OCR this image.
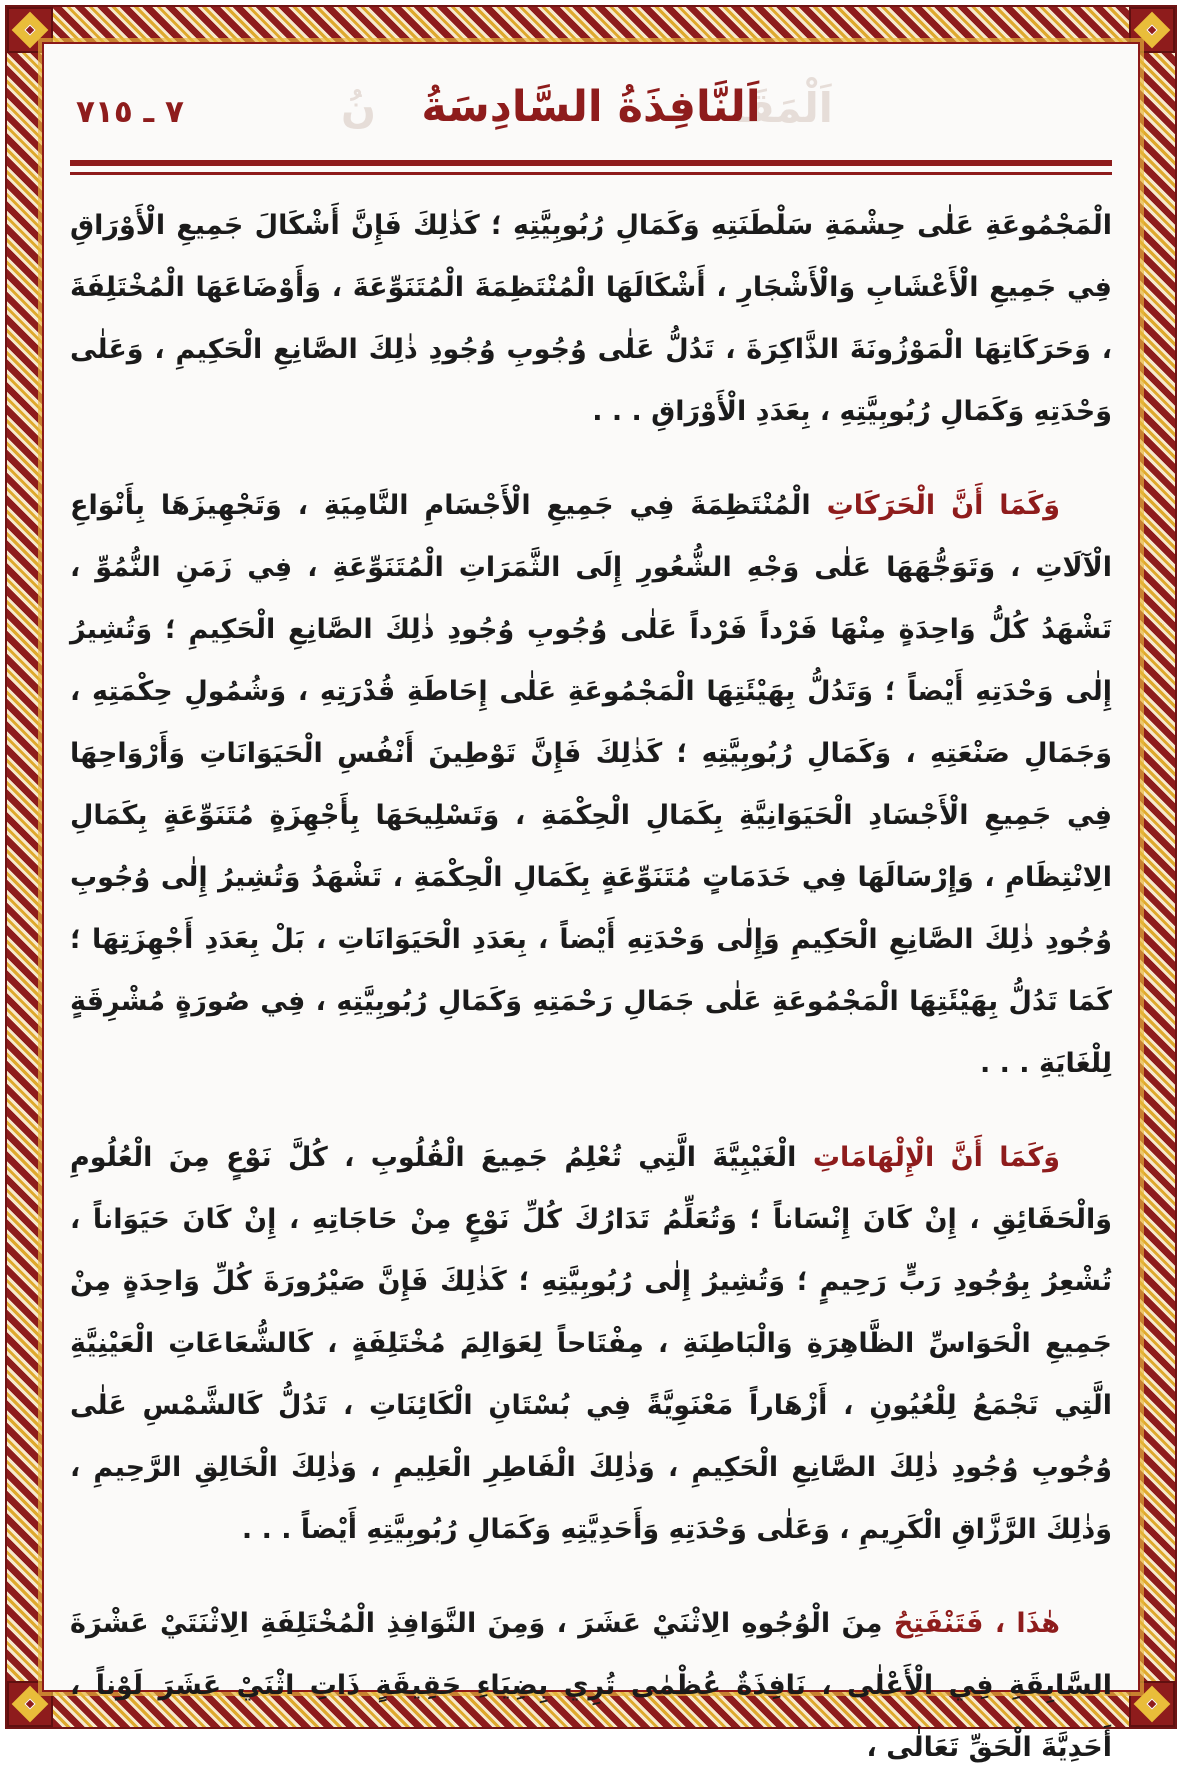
٧ ـ ٧١٥	اَلْمَقَا
نُ	اَلنَّافِذَةُ السَّادِسَةُ

الْمَجْمُوعَةِ عَلٰى حِشْمَةِ سَلْطَنَتِهِ وَكَمَالِ رُبُوبِيَّتِهِ ؛ كَذٰلِكَ فَإِنَّ أَشْكَالَ جَمِيعِ الْأَوْرَاقِ فِي جَمِيعِ الْأَعْشَابِ وَالْأَشْجَارِ ، أَشْكَالَهَا الْمُنْتَظِمَةَ الْمُتَنَوِّعَةَ ، وَأَوْضَاعَهَا الْمُخْتَلِفَةَ ، وَحَرَكَاتِهَا الْمَوْزُونَةَ الذَّاكِرَةَ ، تَدُلُّ عَلٰى وُجُوبِ وُجُودِ ذٰلِكَ الصَّانِعِ الْحَكِيمِ ، وَعَلٰى وَحْدَتِهِ وَكَمَالِ رُبُوبِيَّتِهِ ، بِعَدَدِ الْأَوْرَاقِ . . .

وَكَمَا أَنَّ الْحَرَكَاتِالْمُنْتَظِمَةَ فِي جَمِيعِ الْأَجْسَامِ النَّامِيَةِ ، وَتَجْهِيزَهَا بِأَنْوَاعِ الْآلَاتِ ، وَتَوَجُّهَهَا عَلٰى وَجْهِ الشُّعُورِ إِلَى الثَّمَرَاتِ الْمُتَنَوِّعَةِ ، فِي زَمَنِ النُّمُوِّ ، تَشْهَدُ كُلُّ وَاحِدَةٍ مِنْهَا فَرْداً فَرْداً عَلٰى وُجُوبِ وُجُودِ ذٰلِكَ الصَّانِعِ الْحَكِيمِ ؛ وَتُشِيرُ إِلٰى وَحْدَتِهِ أَيْضاً ؛ وَتَدُلُّ بِهَيْئَتِهَا الْمَجْمُوعَةِ عَلٰى إِحَاطَةِ قُدْرَتِهِ ، وَشُمُولِ حِكْمَتِهِ ، وَجَمَالِ صَنْعَتِهِ ، وَكَمَالِ رُبُوبِيَّتِهِ ؛ كَذٰلِكَ فَإِنَّ تَوْطِينَ أَنْفُسِ الْحَيَوَانَاتِ وَأَرْوَاحِهَا فِي جَمِيعِ الْأَجْسَادِ الْحَيَوَانِيَّةِ بِكَمَالِ الْحِكْمَةِ ، وَتَسْلِيحَهَا بِأَجْهِزَةٍ مُتَنَوِّعَةٍ بِكَمَالِ الِانْتِظَامِ ، وَإِرْسَالَهَا فِي خَدَمَاتٍ مُتَنَوِّعَةٍ بِكَمَالِ الْحِكْمَةِ ، تَشْهَدُ وَتُشِيرُ إِلٰى وُجُوبِ وُجُودِ ذٰلِكَ الصَّانِعِ الْحَكِيمِ وَإِلٰى وَحْدَتِهِ أَيْضاً ، بِعَدَدِ الْحَيَوَانَاتِ ، بَلْ بِعَدَدِ أَجْهِزَتِهَا ؛ كَمَا تَدُلُّ بِهَيْئَتِهَا الْمَجْمُوعَةِ عَلٰى جَمَالِ رَحْمَتِهِ وَكَمَالِ رُبُوبِيَّتِهِ ، فِي صُورَةٍ مُشْرِقَةٍ لِلْغَايَةِ . . .

وَكَمَا أَنَّ الْإِلْهَامَاتِالْغَيْبِيَّةَ الَّتِي تُعْلِمُ جَمِيعَ الْقُلُوبِ ، كُلَّ نَوْعٍ مِنَ الْعُلُومِ وَالْحَقَائِقِ ، إِنْ كَانَ إِنْسَاناً ؛ وَتُعَلِّمُ تَدَارُكَ كُلِّ نَوْعٍ مِنْ حَاجَاتِهِ ، إِنْ كَانَ حَيَوَاناً ، تُشْعِرُ بِوُجُودِ رَبٍّ رَحِيمٍ ؛ وَتُشِيرُ إِلٰى رُبُوبِيَّتِهِ ؛ كَذٰلِكَ فَإِنَّ صَيْرُورَةَ كُلِّ وَاحِدَةٍ مِنْ جَمِيعِ الْحَوَاسِّ الظَّاهِرَةِ وَالْبَاطِنَةِ ، مِفْتَاحاً لِعَوَالِمَ مُخْتَلِفَةٍ ، كَالشُّعَاعَاتِ الْعَيْنِيَّةِ الَّتِي تَجْمَعُ لِلْعُيُونِ ، أَزْهَاراً مَعْنَوِيَّةً فِي بُسْتَانِ الْكَائِنَاتِ ، تَدُلُّ كَالشَّمْسِ عَلٰى وُجُوبِ وُجُودِ ذٰلِكَ الصَّانِعِ الْحَكِيمِ ، وَذٰلِكَ الْفَاطِرِ الْعَلِيمِ ، وَذٰلِكَ الْخَالِقِ الرَّحِيمِ ، وَذٰلِكَ الرَّزَّاقِ الْكَرِيمِ ، وَعَلٰى وَحْدَتِهِ وَأَحَدِيَّتِهِ وَكَمَالِ رُبُوبِيَّتِهِ أَيْضاً . . .

هٰذَا ، فَتَنْفَتِحُمِنَ الْوُجُوهِ الِاثْنَيْ عَشَرَ ، وَمِنَ النَّوَافِذِ الْمُخْتَلِفَةِ الِاثْنَتَيْ عَشْرَةَ السَّابِقَةِ فِي الْأَعْلٰى ، نَافِذَةٌ عُظْمٰى تُرِي بِضِيَاءِ حَقِيقَةٍ ذَاتِ اثْنَيْ عَشَرَ لَوْناً ، أَحَدِيَّةَ الْحَقِّ تَعَالٰى ،
